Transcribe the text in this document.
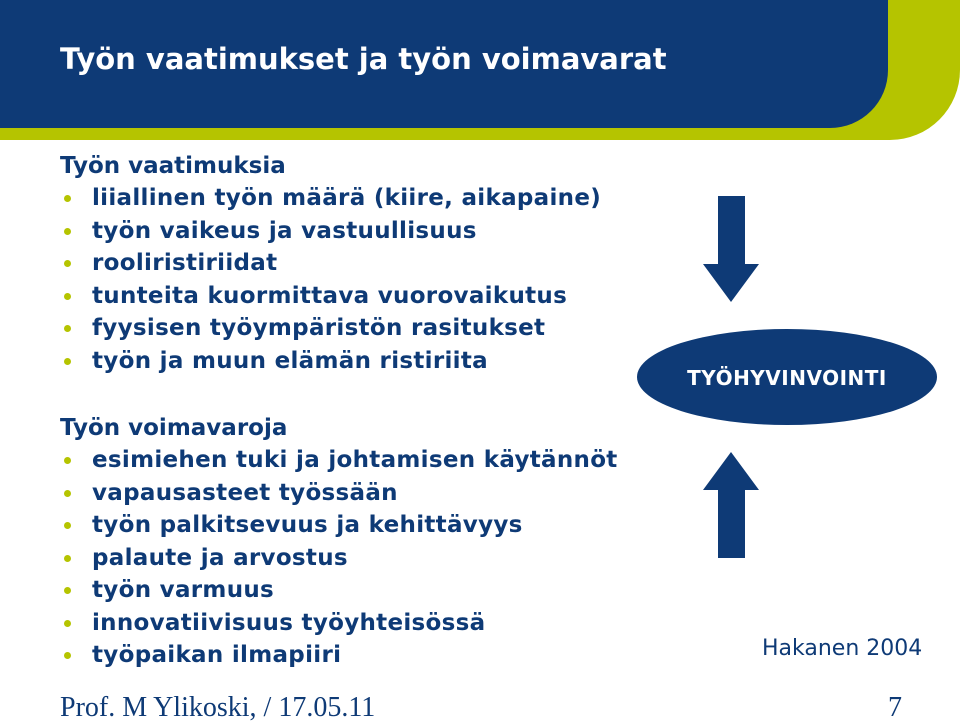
Työn vaatimukset ja työn voimavarat
Työn vaatimuksia
liiallinen työn määrä (kiire, aikapaine)
työn vaikeus ja vastuullisuus
rooliristiriidat
tunteita kuormittava vuorovaikutus
fyysisen työympäristön rasitukset
työn ja muun elämän ristiriita
Työn voimavaroja
esimiehen tuki ja johtamisen käytännöt
vapausasteet työssään
työn palkitsevuus ja kehittävyys
palaute ja arvostus
työn varmuus
innovatiivisuus työyhteisössä
työpaikan ilmapiiri
TYÖHYVINVOINTI
Hakanen 2004
Prof. M Ylikoski, / 17.05.11	7
